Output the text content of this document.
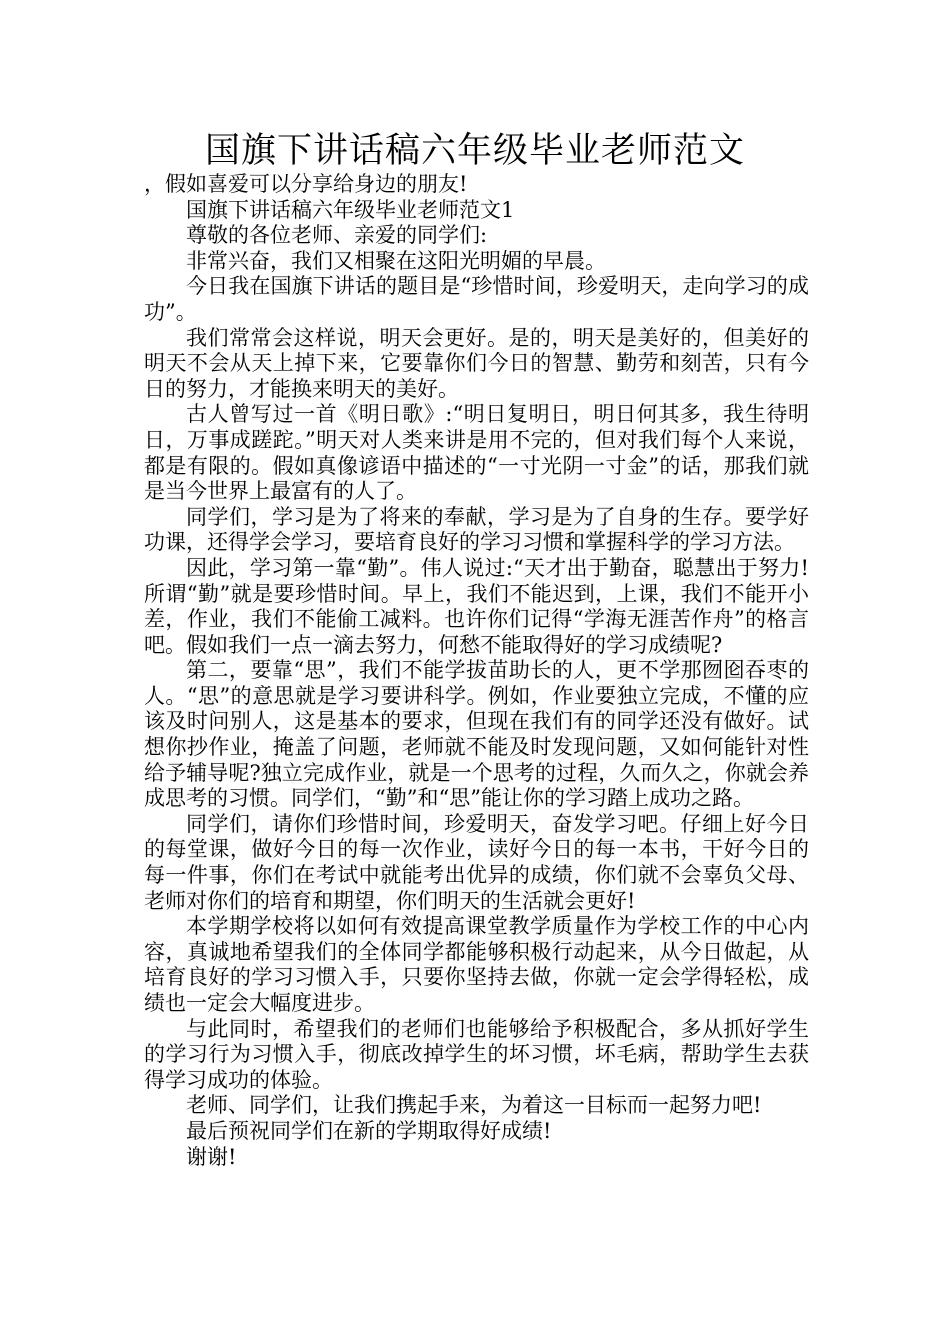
国旗下讲话稿六年级毕业老师范文

，假如喜爱可以分享给身边的朋友!

国旗下讲话稿六年级毕业老师范文1

尊敬的各位老师、亲爱的同学们:

非常兴奋，我们又相聚在这阳光明媚的早晨。

今日我在国旗下讲话的题目是“珍惜时间，珍爱明天，走向学习的成功”。

我们常常会这样说，明天会更好。是的，明天是美好的，但美好的明天不会从天上掉下来，它要靠你们今日的智慧、勤劳和刻苦，只有今日的努力，才能换来明天的美好。

古人曾写过一首《明日歌》:“明日复明日，明日何其多，我生待明日，万事成蹉跎。”明天对人类来讲是用不完的，但对我们每个人来说，都是有限的。假如真像谚语中描述的“一寸光阴一寸金”的话，那我们就是当今世界上最富有的人了。

同学们，学习是为了将来的奉献，学习是为了自身的生存。要学好功课，还得学会学习，要培育良好的学习习惯和掌握科学的学习方法。

因此，学习第一靠“勤”。伟人说过:“天才出于勤奋，聪慧出于努力!所谓“勤”就是要珍惜时间。早上，我们不能迟到，上课，我们不能开小差，作业，我们不能偷工减料。也许你们记得“学海无涯苦作舟”的格言吧。假如我们一点一滴去努力，何愁不能取得好的学习成绩呢?

第二，要靠“思”，我们不能学拔苗助长的人，更不学那囫囵吞枣的人。“思”的意思就是学习要讲科学。例如，作业要独立完成，不懂的应该及时问别人，这是基本的要求，但现在我们有的同学还没有做好。试想你抄作业，掩盖了问题，老师就不能及时发现问题，又如何能针对性给予辅导呢?独立完成作业，就是一个思考的过程，久而久之，你就会养成思考的习惯。同学们，“勤”和“思”能让你的学习踏上成功之路。

同学们，请你们珍惜时间，珍爱明天，奋发学习吧。仔细上好今日的每堂课，做好今日的每一次作业，读好今日的每一本书，干好今日的每一件事，你们在考试中就能考出优异的成绩，你们就不会辜负父母、老师对你们的培育和期望，你们明天的生活就会更好!

本学期学校将以如何有效提高课堂教学质量作为学校工作的中心内容，真诚地希望我们的全体同学都能够积极行动起来，从今日做起，从培育良好的学习习惯入手，只要你坚持去做，你就一定会学得轻松，成绩也一定会大幅度进步。

与此同时，希望我们的老师们也能够给予积极配合，多从抓好学生的学习行为习惯入手，彻底改掉学生的坏习惯，坏毛病，帮助学生去获得学习成功的体验。

老师、同学们，让我们携起手来，为着这一目标而一起努力吧!

最后预祝同学们在新的学期取得好成绩!

谢谢!
